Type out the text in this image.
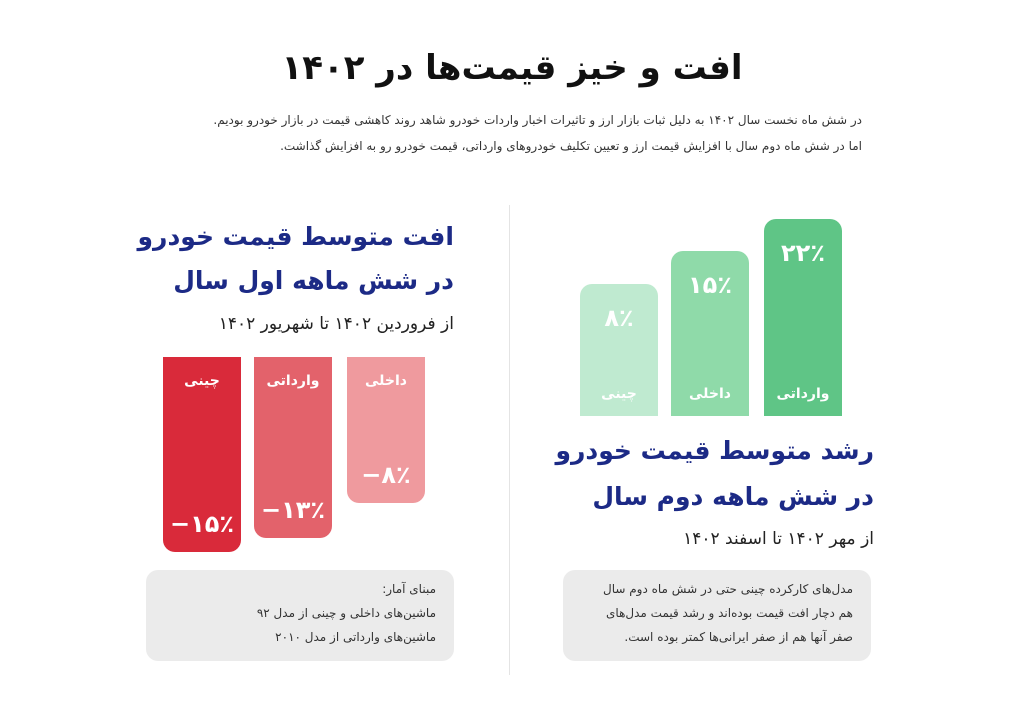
افت و خیز قیمت‌ها در ۱۴۰۲
در شش ماه نخست سال ۱۴۰۲ به دلیل ثبات بازار ارز و تاثیرات اخبار واردات خودرو شاهد روند کاهشی قیمت در بازار خودرو بودیم.
اما در شش ماه دوم سال با افزایش قیمت ارز و تعیین تکلیف خودروهای وارداتی، قیمت خودرو رو به افزایش گذاشت.
افت متوسط قیمت خودرو
در شش ماهه اول سال
از فروردین ۱۴۰۲ تا شهریور ۱۴۰۲
داخلی
−۸٪
وارداتی
−۱۳٪
چینی
−۱۵٪
مبنای آمار:
ماشین‌های داخلی و چینی از مدل ۹۲
ماشین‌های وارداتی از مدل ۲۰۱۰
وارداتی
۲۲٪
داخلی
۱۵٪
چینی
۸٪
رشد متوسط قیمت خودرو
در شش ماهه دوم سال
از مهر ۱۴۰۲ تا اسفند ۱۴۰۲
مدل‌های کارکرده چینی حتی در شش ماه دوم سال
هم دچار افت قیمت بوده‌اند و رشد قیمت مدل‌های
صفر آنها هم از صفر ایرانی‌ها کمتر بوده است.
